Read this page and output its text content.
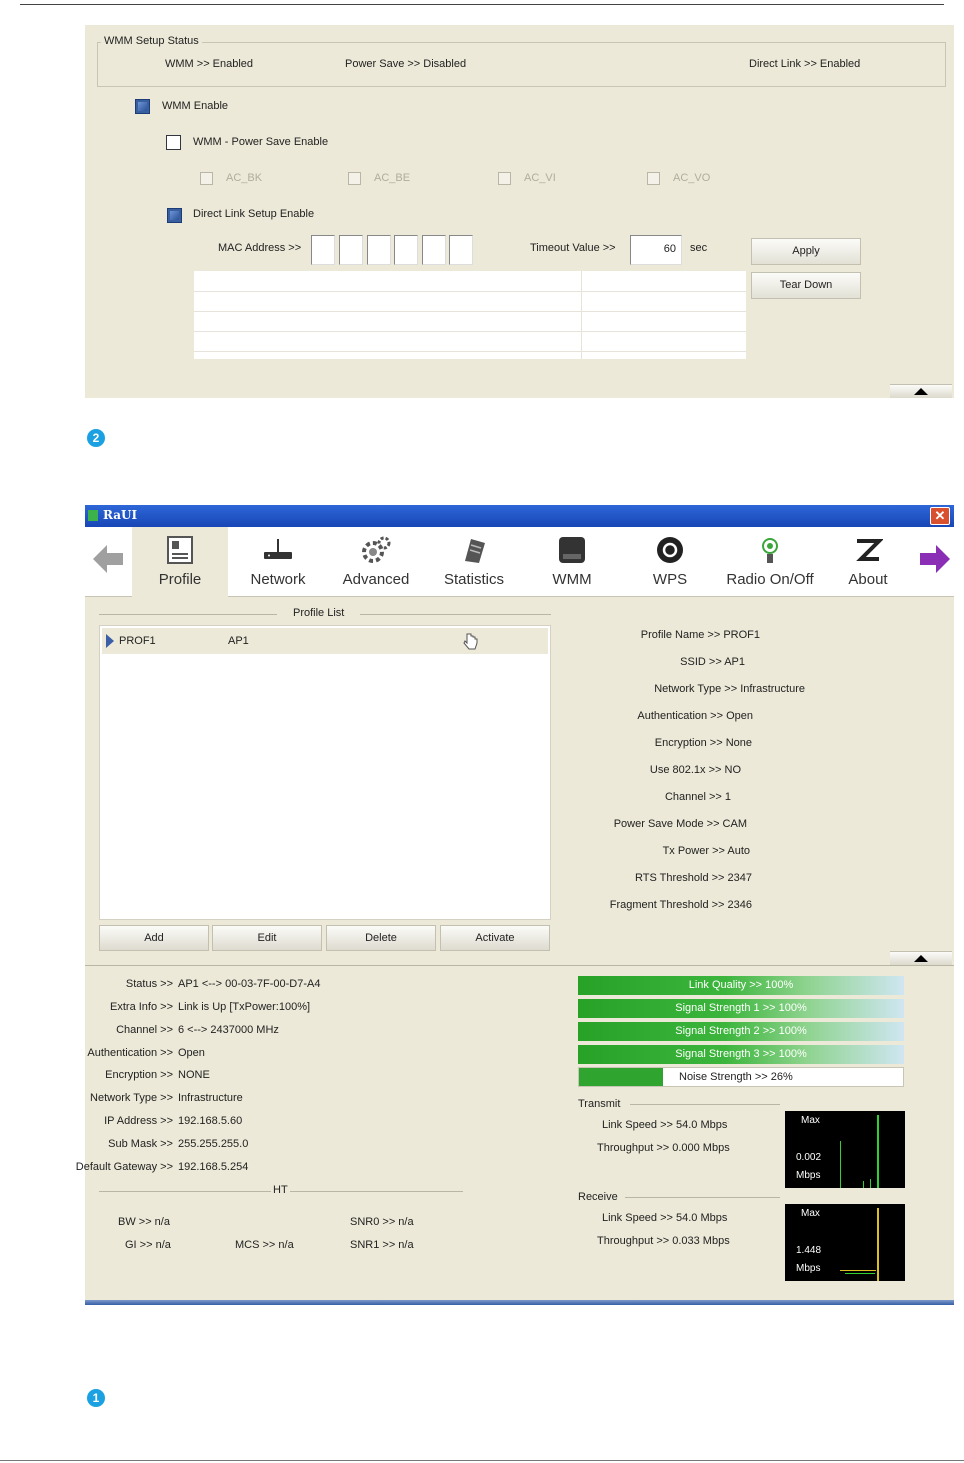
WMM Setup Status
WMM >> Enabled	Power Save >> Disabled	Direct Link >> Enabled
WMM Enable
WMM - Power Save Enable
AC_BK	AC_BE	AC_VI	AC_VO
Direct Link Setup Enable
MAC Address >>	Timeout Value >>	60	sec	Apply
Tear Down
2
RaUI	✕
Profile	Network	Advanced	Statistics	WMM	WPS	Radio On/Off	About
Profile List
PROF1	AP1
Add	Edit	Delete	Activate
Profile Name >> PROF1
SSID >> AP1
Network Type >> Infrastructure
Authentication >> Open
Encryption >> None
Use 802.1x >> NO
Channel >> 1
Power Save Mode >> CAM
Tx Power >> Auto
RTS Threshold >> 2347
Fragment Threshold >> 2346
Status >> AP1 <--> 00-03-7F-00-D7-A4
Extra Info >> Link is Up [TxPower:100%]
Channel >> 6 <--> 2437000 MHz
Authentication >> Open
Encryption >> NONE
Network Type >> Infrastructure
IP Address >> 192.168.5.60
Sub Mask >> 255.255.255.0
Default Gateway >> 192.168.5.254
HT
BW >> n/a
GI >> n/a	MCS >> n/a
SNR0 >> n/a
SNR1 >> n/a
Link Quality >> 100%
Signal Strength 1 >> 100%
Signal Strength 2 >> 100%
Signal Strength 3 >> 100%
Noise Strength >> 26%
Transmit
Link Speed >> 54.0 Mbps
Throughput >> 0.000 Mbps
Max
0.002
Mbps
Receive
Link Speed >> 54.0 Mbps
Throughput >> 0.033 Mbps
Max
1.448
Mbps
1
